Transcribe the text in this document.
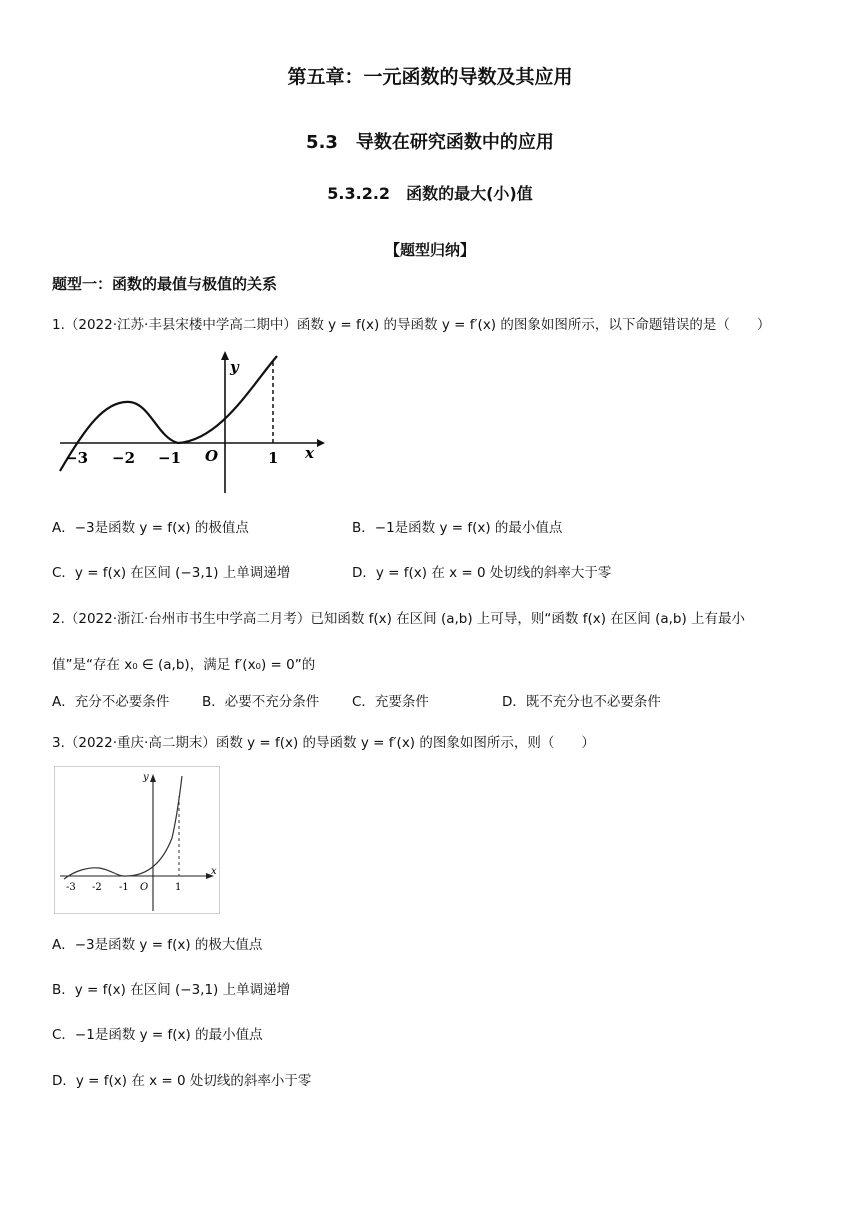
第五章：一元函数的导数及其应用
5.3　导数在研究函数中的应用
5.3.2.2　函数的最大(小)值
【题型归纳】
题型一：函数的最值与极值的关系
1.（2022·江苏·丰县宋楼中学高二期中）函数 y = f(x) 的导函数 y = f′(x) 的图象如图所示，以下命题错误的是（　　）
y
x
O
−3 −2 −1	1
A．−3是函数 y = f(x) 的极值点	B．−1是函数 y = f(x) 的最小值点
C．y = f(x) 在区间 (−3,1) 上单调递增	D．y = f(x) 在 x = 0 处切线的斜率大于零
2.（2022·浙江·台州市书生中学高二月考）已知函数 f(x) 在区间 (a,b) 上可导，则“函数 f(x) 在区间 (a,b) 上有最小
值”是“存在 x₀ ∈ (a,b)，满足 f′(x₀) = 0”的
A．充分不必要条件 B．必要不充分条件 C．充要条件	D．既不充分也不必要条件
3.（2022·重庆·高二期末）函数 y = f(x) 的导函数 y = f′(x) 的图象如图所示，则（　　）
y
x
O
-3 -2 -1	1
A．−3是函数 y = f(x) 的极大值点
B．y = f(x) 在区间 (−3,1) 上单调递增
C．−1是函数 y = f(x) 的最小值点
D．y = f(x) 在 x = 0 处切线的斜率小于零
